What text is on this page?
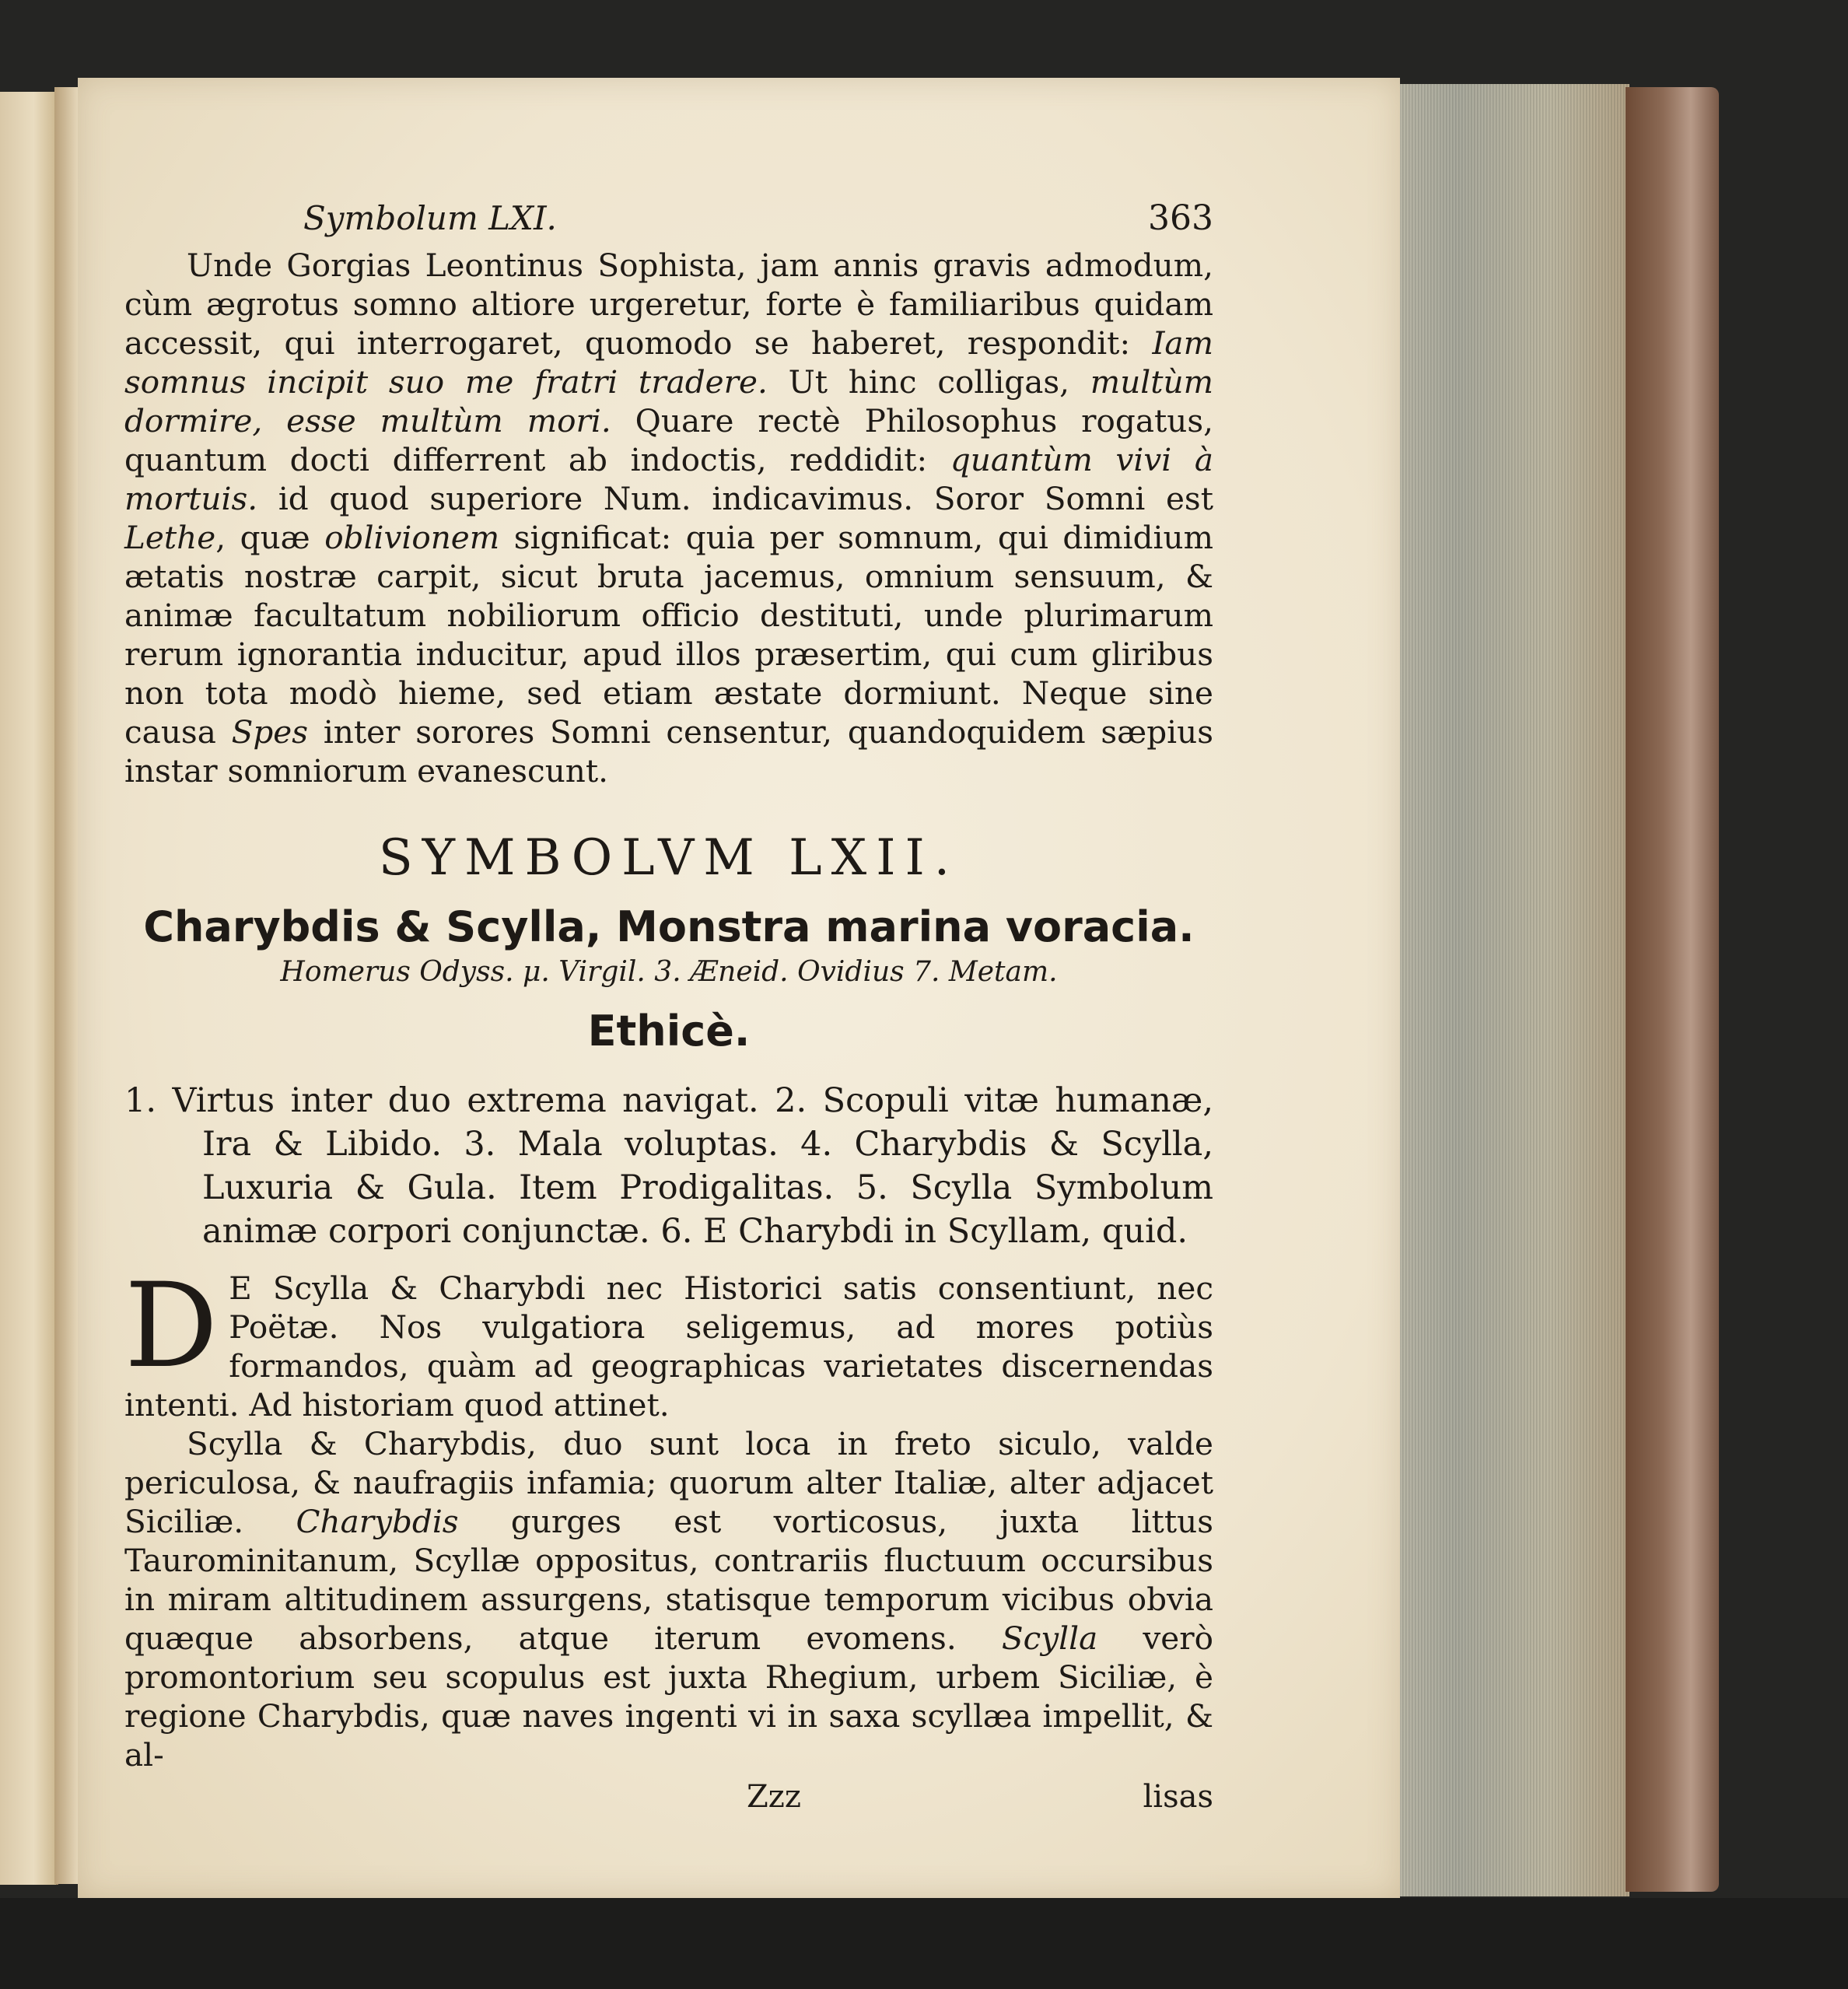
Symbolum LXI.	363

Unde Gorgias Leontinus Sophista, jam annis gravis admodum, cùm ægrotus somno altiore urgeretur, forte è familiaribus quidam accessit, qui interrogaret, quomodo se haberet, respondit: Iam somnus incipit suo me fratri tradere. Ut hinc colligas, multùm dormire, esse multùm mori. Quare rectè Philosophus rogatus, quantum docti differrent ab indoctis, reddidit: quantùm vivi à mortuis. id quod superiore Num. indicavimus. Soror Somni est Lethe, quæ oblivionem significat: quia per somnum, qui dimidium ætatis nostræ carpit, sicut bruta jacemus, omnium sensuum, & animæ facultatum nobiliorum officio destituti, unde plurimarum rerum ignorantia inducitur, apud illos præsertim, qui cum gliribus non tota modò hieme, sed etiam æstate dormiunt. Neque sine causa Spes inter sorores Somni censentur, quandoquidem sæpius instar somniorum evanescunt.

SYMBOLVM LXII.

Charybdis & Scylla, Monstra marina voracia.

Homerus Odyss. μ. Virgil. 3. Æneid. Ovidius 7. Metam.

Ethicè.

1. Virtus inter duo extrema navigat. 2. Scopuli vitæ humanæ, Ira & Libido. 3. Mala voluptas. 4. Charybdis & Scylla, Luxuria & Gula. Item Prodigalitas. 5. Scylla Symbolum animæ corpori conjunctæ. 6. E Charybdi in Scyllam, quid.

D E Scylla & Charybdi nec Historici satis consentiunt, nec Poëtæ. Nos vulgatiora seligemus, ad mores potiùs formandos, quàm ad geographicas varietates discernendas intenti. Ad historiam quod attinet.

Scylla & Charybdis, duo sunt loca in freto siculo, valde periculosa, & naufragiis infamia; quorum alter Italiæ, alter adjacet Siciliæ. Charybdis gurges est vorticosus, juxta littus Taurominitanum, Scyllæ oppositus, contrariis fluctuum occursibus in miram altitudinem assurgens, statisque temporum vicibus obvia quæque absorbens, atque iterum evomens. Scylla verò promontorium seu scopulus est juxta Rhegium, urbem Siciliæ, è regione Charybdis, quæ naves ingenti vi in saxa scyllæa impellit, & al-

Zzz	lisas
